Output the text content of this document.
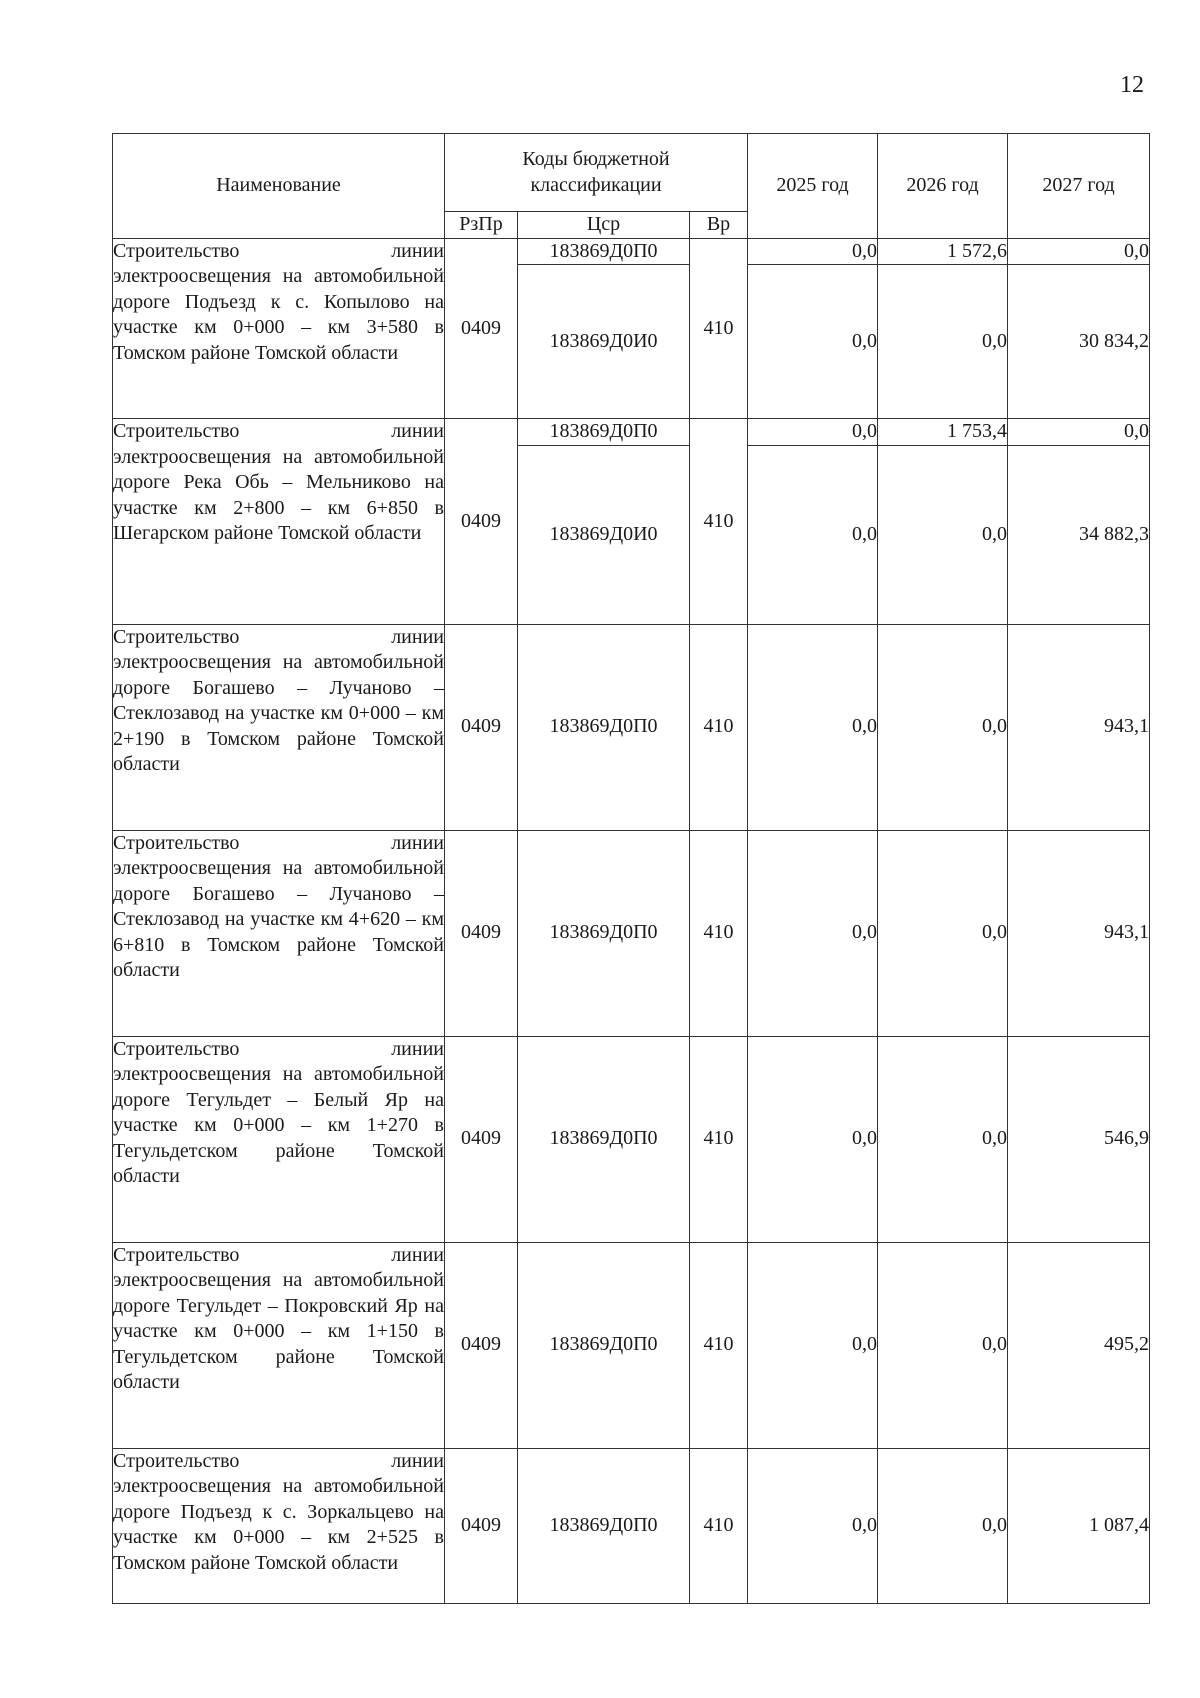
12
Наименование	Коды бюджетной классификации			2025 год	2026 год	2027 год
	РзПр	Цср	Вр			
Строительство линии электроосвещения на автомобильной дороге Подъезд к с. Копылово на участке км 0+000 – км 3+580 в Томском районе Томской области	0409	183869Д0П0	410	0,0	1 572,6	0,0
		183869Д0И0		0,0	0,0	30 834,2
Строительство линии электроосвещения на автомобильной дороге Река Обь – Мельниково на участке км 2+800 – км 6+850 в Шегарском районе Томской области	0409	183869Д0П0	410	0,0	1 753,4	0,0
		183869Д0И0		0,0	0,0	34 882,3
Строительство линии электроосвещения на автомобильной дороге Богашево – Лучаново – Стеклозавод на участке км 0+000 – км 2+190 в Томском районе Томской области	0409	183869Д0П0	410	0,0	0,0	943,1
Строительство линии электроосвещения на автомобильной дороге Богашево – Лучаново – Стеклозавод на участке км 4+620 – км 6+810 в Томском районе Томской области	0409	183869Д0П0	410	0,0	0,0	943,1
Строительство линии электроосвещения на автомобильной дороге Тегульдет – Белый Яр на участке км 0+000 – км 1+270 в Тегульдетском районе Томской области	0409	183869Д0П0	410	0,0	0,0	546,9
Строительство линии электроосвещения на автомобильной дороге Тегульдет – Покровский Яр на участке км 0+000 – км 1+150 в Тегульдетском районе Томской области	0409	183869Д0П0	410	0,0	0,0	495,2
Строительство линии электроосвещения на автомобильной дороге Подъезд к с. Зоркальцево на участке км 0+000 – км 2+525 в Томском районе Томской области	0409	183869Д0П0	410	0,0	0,0	1 087,4
